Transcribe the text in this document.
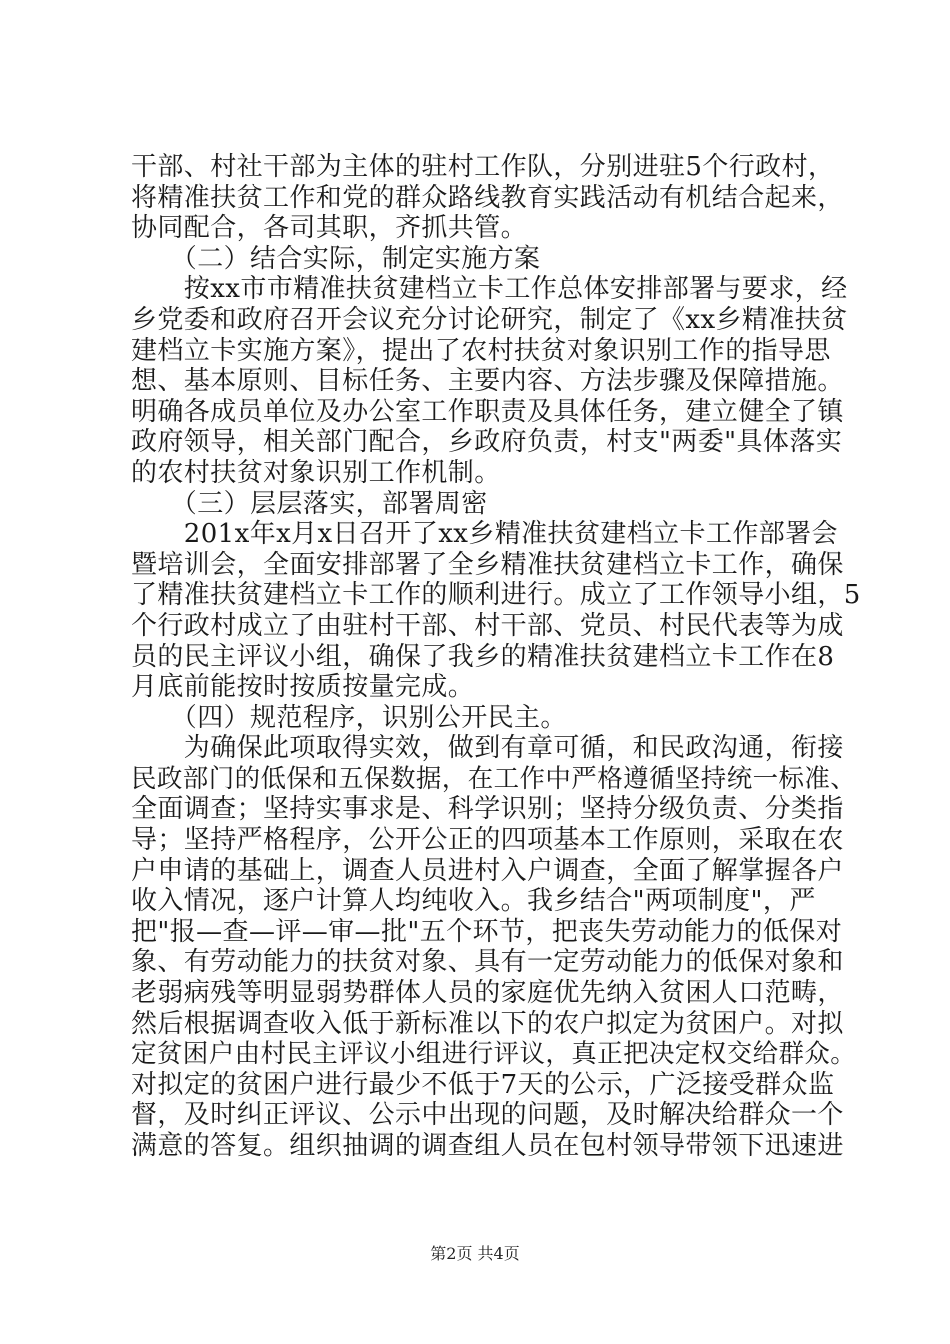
干部、村社干部为主体的驻村工作队，分别进驻5个行政村，
将精准扶贫工作和党的群众路线教育实践活动有机结合起来，
协同配合，各司其职，齐抓共管。
　　（二）结合实际，制定实施方案
　　按xx市市精准扶贫建档立卡工作总体安排部署与要求，经
乡党委和政府召开会议充分讨论研究，制定了《xx乡精准扶贫
建档立卡实施方案》，提出了农村扶贫对象识别工作的指导思
想、基本原则、目标任务、主要内容、方法步骤及保障措施。
明确各成员单位及办公室工作职责及具体任务，建立健全了镇
政府领导，相关部门配合，乡政府负责，村支"两委"具体落实
的农村扶贫对象识别工作机制。
　　（三）层层落实，部署周密
　　201x年x月x日召开了xx乡精准扶贫建档立卡工作部署会
暨培训会，全面安排部署了全乡精准扶贫建档立卡工作，确保
了精准扶贫建档立卡工作的顺利进行。成立了工作领导小组，5
个行政村成立了由驻村干部、村干部、党员、村民代表等为成
员的民主评议小组，确保了我乡的精准扶贫建档立卡工作在8
月底前能按时按质按量完成。
　　（四）规范程序，识别公开民主。
　　为确保此项取得实效，做到有章可循，和民政沟通，衔接
民政部门的低保和五保数据，在工作中严格遵循坚持统一标准、
全面调查；坚持实事求是、科学识别；坚持分级负责、分类指
导；坚持严格程序，公开公正的四项基本工作原则，采取在农
户申请的基础上，调查人员进村入户调查，全面了解掌握各户
收入情况，逐户计算人均纯收入。我乡结合"两项制度"，严
把"报—查—评—审—批"五个环节，把丧失劳动能力的低保对
象、有劳动能力的扶贫对象、具有一定劳动能力的低保对象和
老弱病残等明显弱势群体人员的家庭优先纳入贫困人口范畴，
然后根据调查收入低于新标准以下的农户拟定为贫困户。对拟
定贫困户由村民主评议小组进行评议，真正把决定权交给群众。
对拟定的贫困户进行最少不低于7天的公示，广泛接受群众监
督，及时纠正评议、公示中出现的问题，及时解决给群众一个
满意的答复。组织抽调的调查组人员在包村领导带领下迅速进
第2页 共4页
